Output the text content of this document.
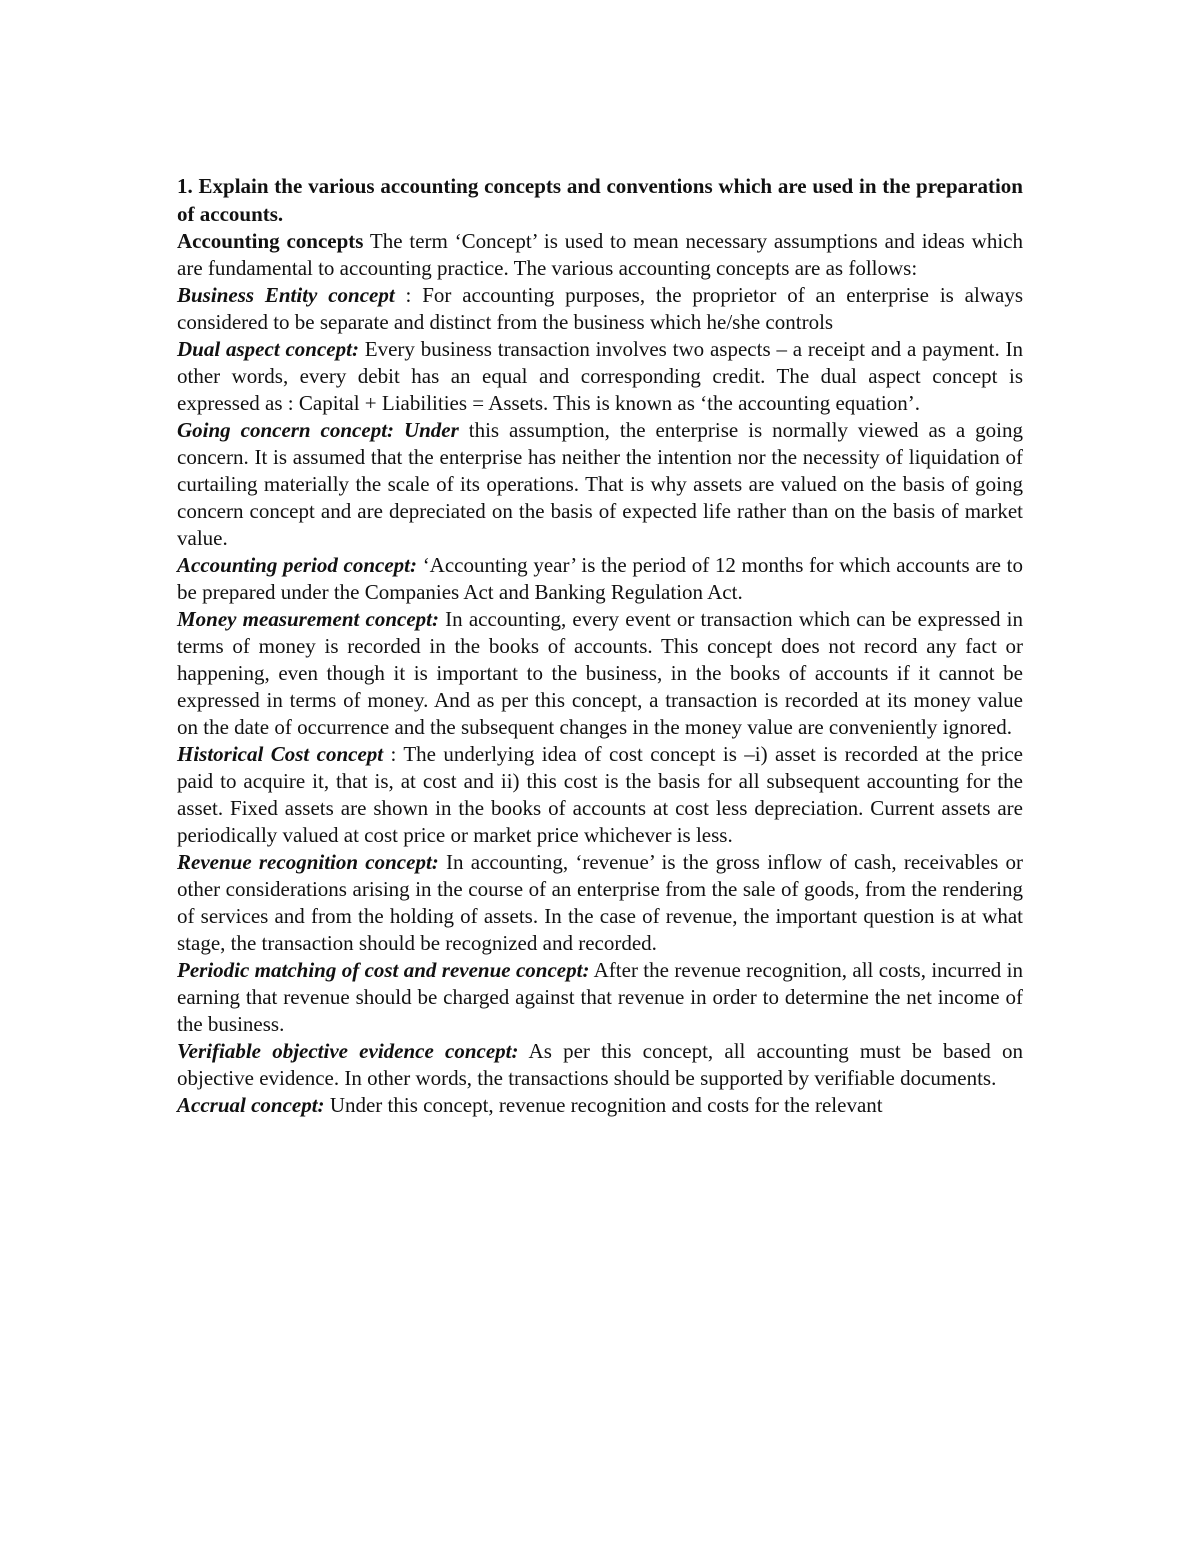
1. Explain the various accounting concepts and conventions which are used in the preparation of accounts.

Accounting concepts The term ‘Concept’ is used to mean necessary assumptions and ideas which are fundamental to accounting practice. The various accounting concepts are as follows:

Business Entity concept : For accounting purposes, the proprietor of an enterprise is always considered to be separate and distinct from the business which he/she controls

Dual aspect concept: Every business transaction involves two aspects – a receipt and a payment. In other words, every debit has an equal and corresponding credit. The dual aspect concept is expressed as : Capital + Liabilities = Assets. This is known as ‘the accounting equation’.

Going concern concept: Under this assumption, the enterprise is normally viewed as a going concern. It is assumed that the enterprise has neither the intention nor the necessity of liquidation of curtailing materially the scale of its operations. That is why assets are valued on the basis of going concern concept and are depreciated on the basis of expected life rather than on the basis of market value.

Accounting period concept: ‘Accounting year’ is the period of 12 months for which accounts are to be prepared under the Companies Act and Banking Regulation Act.

Money measurement concept: In accounting, every event or transaction which can be expressed in terms of money is recorded in the books of accounts. This concept does not record any fact or happening, even though it is important to the business, in the books of accounts if it cannot be expressed in terms of money. And as per this concept, a transaction is recorded at its money value on the date of occurrence and the subsequent changes in the money value are conveniently ignored.

Historical Cost concept : The underlying idea of cost concept is –i) asset is recorded at the price paid to acquire it, that is, at cost and ii) this cost is the basis for all subsequent accounting for the asset. Fixed assets are shown in the books of accounts at cost less depreciation. Current assets are periodically valued at cost price or market price whichever is less.

Revenue recognition concept: In accounting, ‘revenue’ is the gross inflow of cash, receivables or other considerations arising in the course of an enterprise from the sale of goods, from the rendering of services and from the holding of assets. In the case of revenue, the important question is at what stage, the transaction should be recognized and recorded.

Periodic matching of cost and revenue concept: After the revenue recognition, all costs, incurred in earning that revenue should be charged against that revenue in order to determine the net income of the business.

Verifiable objective evidence concept: As per this concept, all accounting must be based on objective evidence. In other words, the transactions should be supported by verifiable documents.

Accrual concept: Under this concept, revenue recognition and costs for the relevant
